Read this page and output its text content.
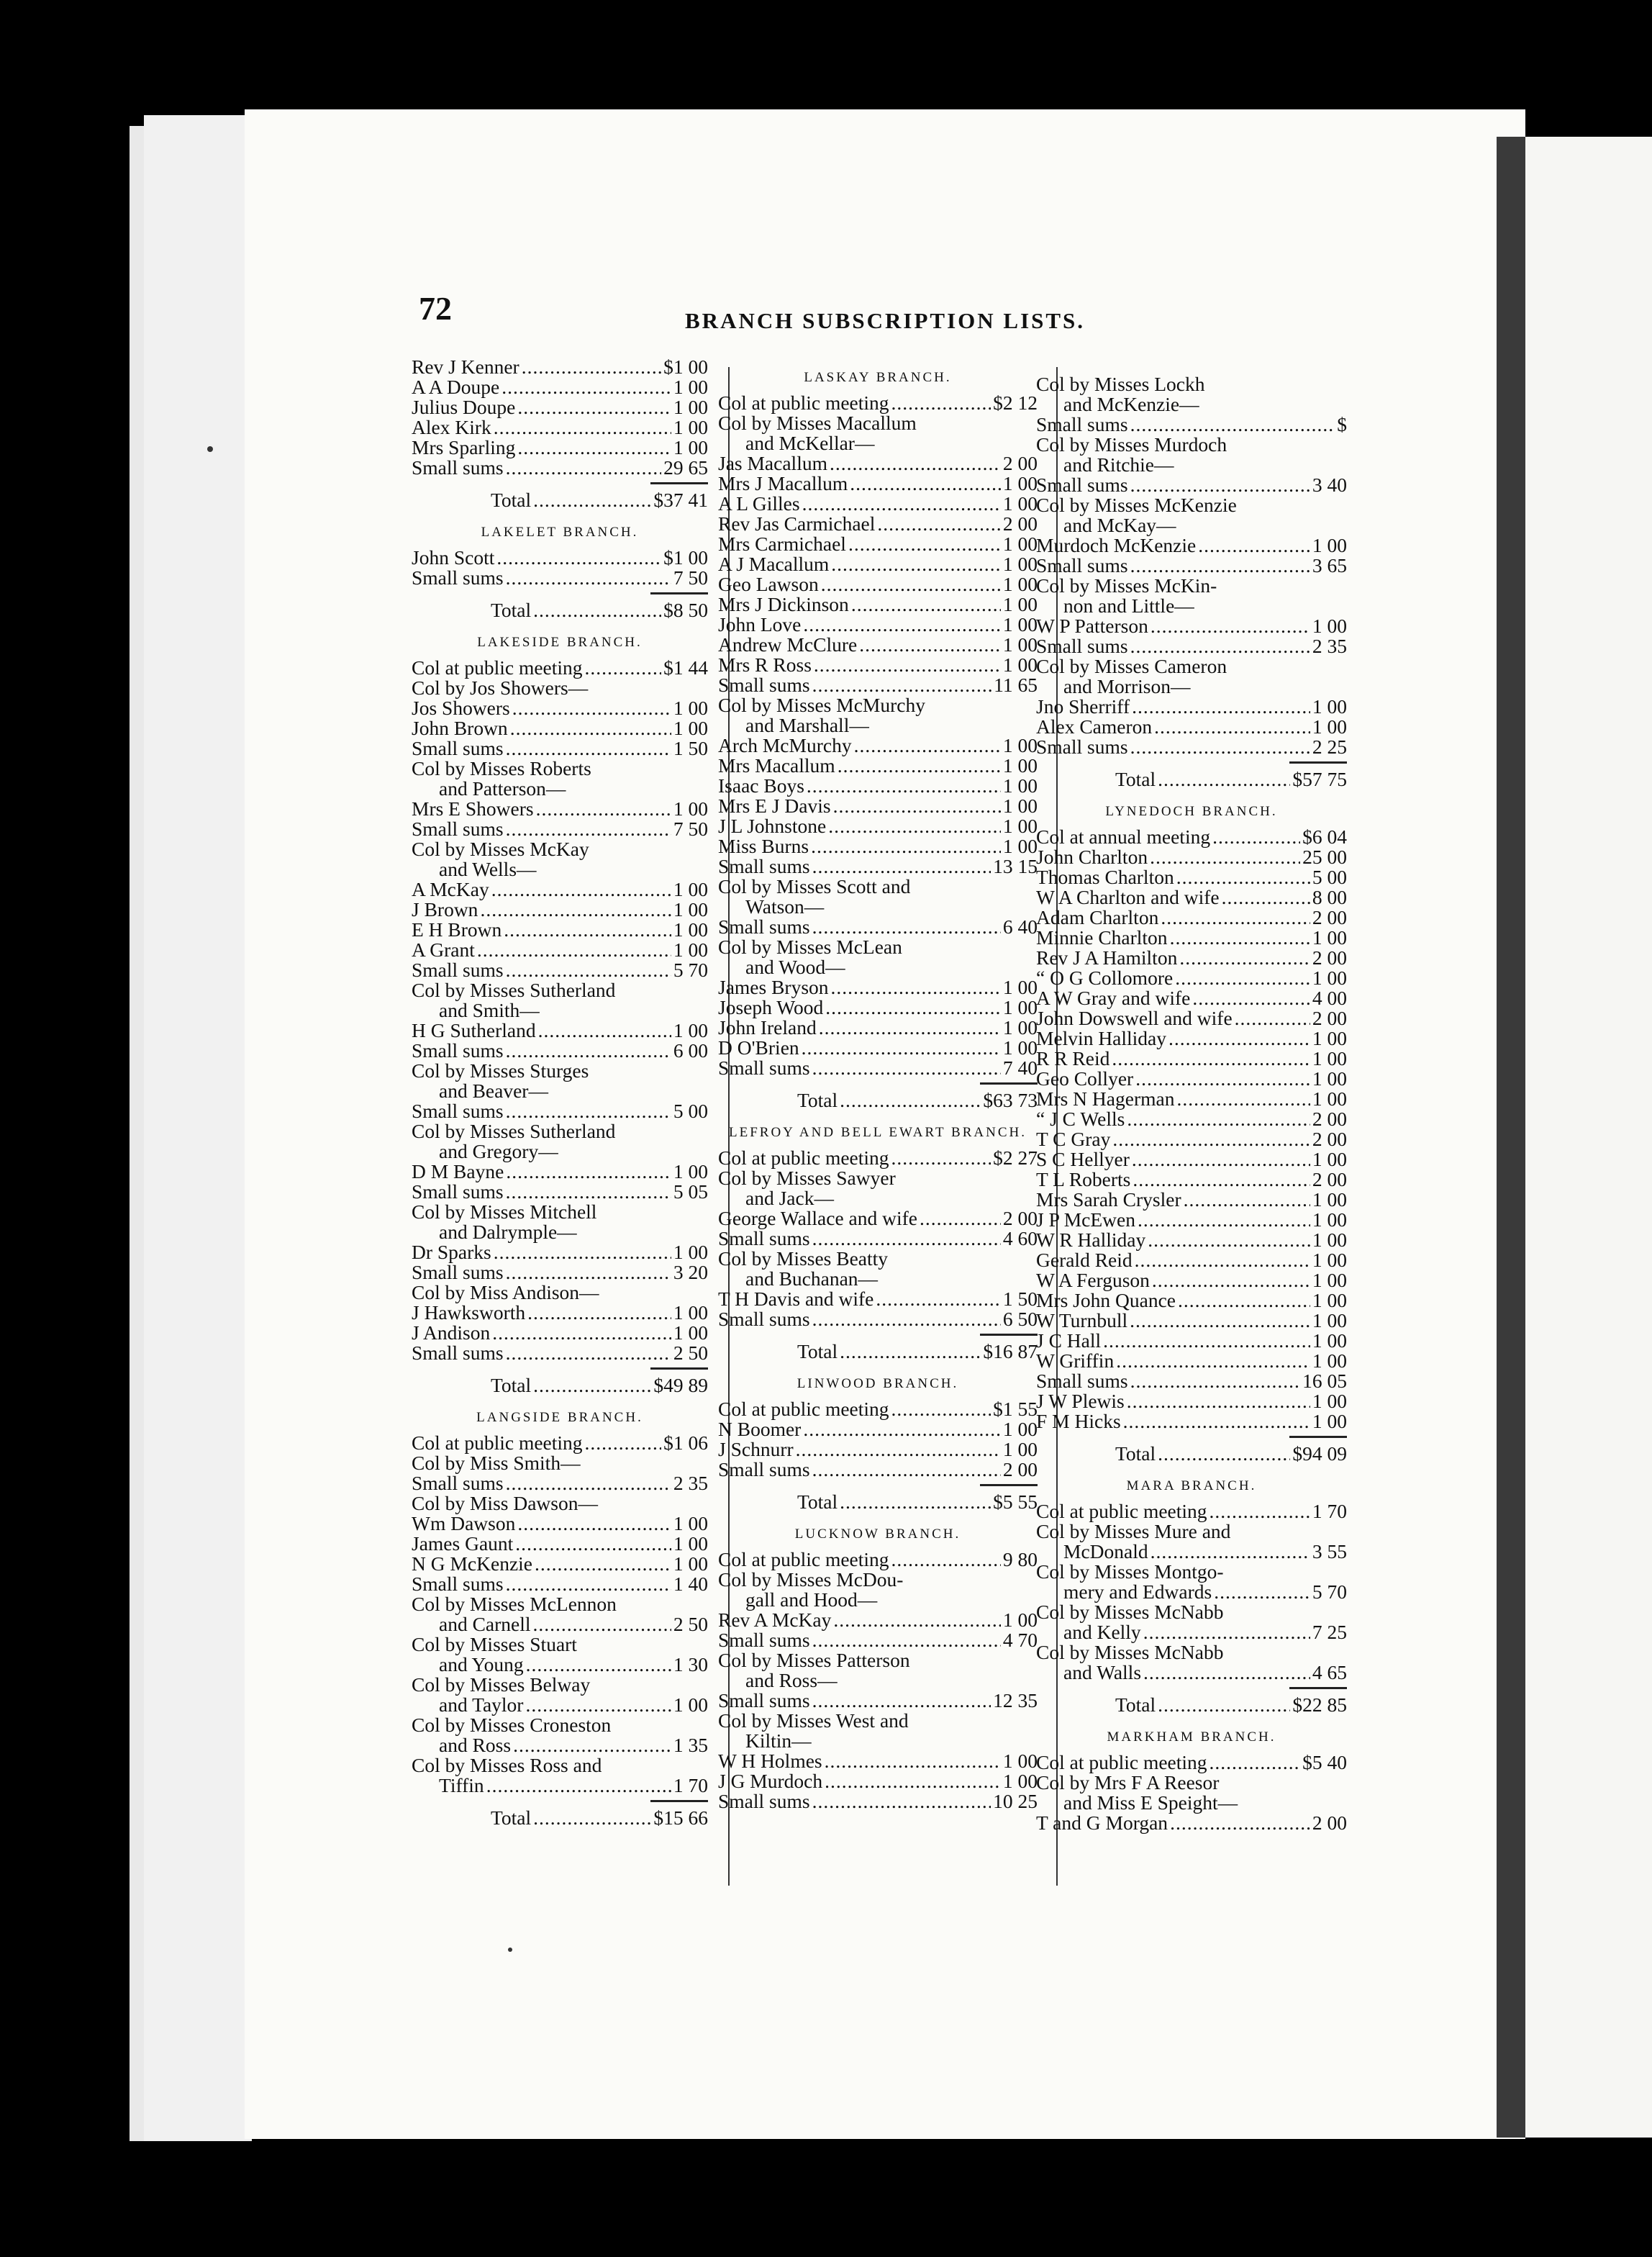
72	BRANCH SUBSCRIPTION LISTS.
Rev J Kenner .....	$1 00
A A Doupe .....	1 00
Julius Doupe .....	1 00
Alex Kirk .....	1 00
Mrs Sparling .....	1 00
Small sums .....	29 65
Total .....	$37 41
LAKELET BRANCH.
John Scott .....	$1 00
Small sums .....	7 50
Total .....	$8 50
LAKESIDE BRANCH.
Col at public meeting .....	$1 44
Col by Jos Showers—
Jos Showers .....	1 00
John Brown .....	1 00
Small sums .....	1 50
Col by Misses Roberts
and Patterson—
Mrs E Showers .....	1 00
Small sums .....	7 50
Col by Misses McKay
and Wells—
A McKay .....	1 00
J Brown .....	1 00
E H Brown .....	1 00
A Grant .....	1 00
Small sums .....	5 70
Col by Misses Sutherland
and Smith—
H G Sutherland .....	1 00
Small sums .....	6 00
Col by Misses Sturges
and Beaver—
Small sums .....	5 00
Col by Misses Sutherland
and Gregory—
D M Bayne .....	1 00
Small sums .....	5 05
Col by Misses Mitchell
and Dalrymple—
Dr Sparks .....	1 00
Small sums .....	3 20
Col by Miss Andison—
J Hawksworth .....	1 00
J Andison .....	1 00
Small sums .....	2 50
Total .....	$49 89
LANGSIDE BRANCH.
Col at public meeting .....	$1 06
Col by Miss Smith—
Small sums .....	2 35
Col by Miss Dawson—
Wm Dawson .....	1 00
James Gaunt .....	1 00
N G McKenzie .....	1 00
Small sums .....	1 40
Col by Misses McLennon
and Carnell .....	2 50
Col by Misses Stuart
and Young .....	1 30
Col by Misses Belway
and Taylor .....	1 00
Col by Misses Croneston
and Ross .....	1 35
Col by Misses Ross and
Tiffin .....	1 70
Total .....	$15 66
LASKAY BRANCH.
Col at public meeting .....	$2 12
Col by Misses Macallum
and McKellar—
Jas Macallum .....	2 00
Mrs J Macallum .....	1 00
A L Gilles .....	1 00
Rev Jas Carmichael .....	2 00
Mrs Carmichael .....	1 00
A J Macallum .....	1 00
Geo Lawson .....	1 00
Mrs J Dickinson .....	1 00
John Love .....	1 00
Andrew McClure .....	1 00
Mrs R Ross .....	1 00
Small sums .....	11 65
Col by Misses McMurchy
and Marshall—
Arch McMurchy .....	1 00
Mrs Macallum .....	1 00
Isaac Boys .....	1 00
Mrs E J Davis .....	1 00
J L Johnstone .....	1 00
Miss Burns .....	1 00
Small sums .....	13 15
Col by Misses Scott and
Watson—
Small sums .....	6 40
Col by Misses McLean
and Wood—
James Bryson .....	1 00
Joseph Wood .....	1 00
John Ireland .....	1 00
D O'Brien .....	1 00
Small sums .....	7 40
Total .....	$63 73
LEFROY AND BELL EWART BRANCH.
Col at public meeting .....	$2 27
Col by Misses Sawyer
and Jack—
George Wallace and wife .....	2 00
Small sums .....	4 60
Col by Misses Beatty
and Buchanan—
T H Davis and wife .....	1 50
Small sums .....	6 50
Total .....	$16 87
LINWOOD BRANCH.
Col at public meeting .....	$1 55
N Boomer .....	1 00
J Schnurr .....	1 00
Small sums .....	2 00
Total .....	$5 55
LUCKNOW BRANCH.
Col at public meeting .....	9 80
Col by Misses McDou-
gall and Hood—
Rev A McKay .....	1 00
Small sums .....	4 70
Col by Misses Patterson
and Ross—
Small sums .....	12 35
Col by Misses West and
Kiltin—
W H Holmes .....	1 00
J G Murdoch .....	1 00
Small sums .....	10 25
Col by Misses Lockh
and McKenzie—
Small sums .....	$
Col by Misses Murdoch
and Ritchie—
Small sums .....	3 40
Col by Misses McKenzie
and McKay—
Murdoch McKenzie .....	1 00
Small sums .....	3 65
Col by Misses McKin-
non and Little—
W P Patterson .....	1 00
Small sums .....	2 35
Col by Misses Cameron
and Morrison—
Jno Sherriff .....	1 00
Alex Cameron .....	1 00
Small sums .....	2 25
Total .....	$57 75
LYNEDOCH BRANCH.
Col at annual meeting .....	$6 04
John Charlton .....	25 00
Thomas Charlton .....	5 00
W A Charlton and wife .....	8 00
Adam Charlton .....	2 00
Minnie Charlton .....	1 00
Rev J A Hamilton .....	2 00
“ O G Collomore .....	1 00
A W Gray and wife .....	4 00
John Dowswell and wife .....	2 00
Melvin Halliday .....	1 00
R R Reid .....	1 00
Geo Collyer .....	1 00
Mrs N Hagerman .....	1 00
“ J C Wells .....	2 00
T C Gray .....	2 00
S C Hellyer .....	1 00
T L Roberts .....	2 00
Mrs Sarah Crysler .....	1 00
J P McEwen .....	1 00
W R Halliday .....	1 00
Gerald Reid .....	1 00
W A Ferguson .....	1 00
Mrs John Quance .....	1 00
W Turnbull .....	1 00
J C Hall .....	1 00
W Griffin .....	1 00
Small sums .....	16 05
J W Plewis .....	1 00
F M Hicks .....	1 00
Total .....	$94 09
MARA BRANCH.
Col at public meeting .....	1 70
Col by Misses Mure and
McDonald .....	3 55
Col by Misses Montgo-
mery and Edwards .....	5 70
Col by Misses McNabb
and Kelly .....	7 25
Col by Misses McNabb
and Walls .....	4 65
Total .....	$22 85
MARKHAM BRANCH.
Col at public meeting .....	$5 40
Col by Mrs F A Reesor
and Miss E Speight—
T and G Morgan .....	2 00
